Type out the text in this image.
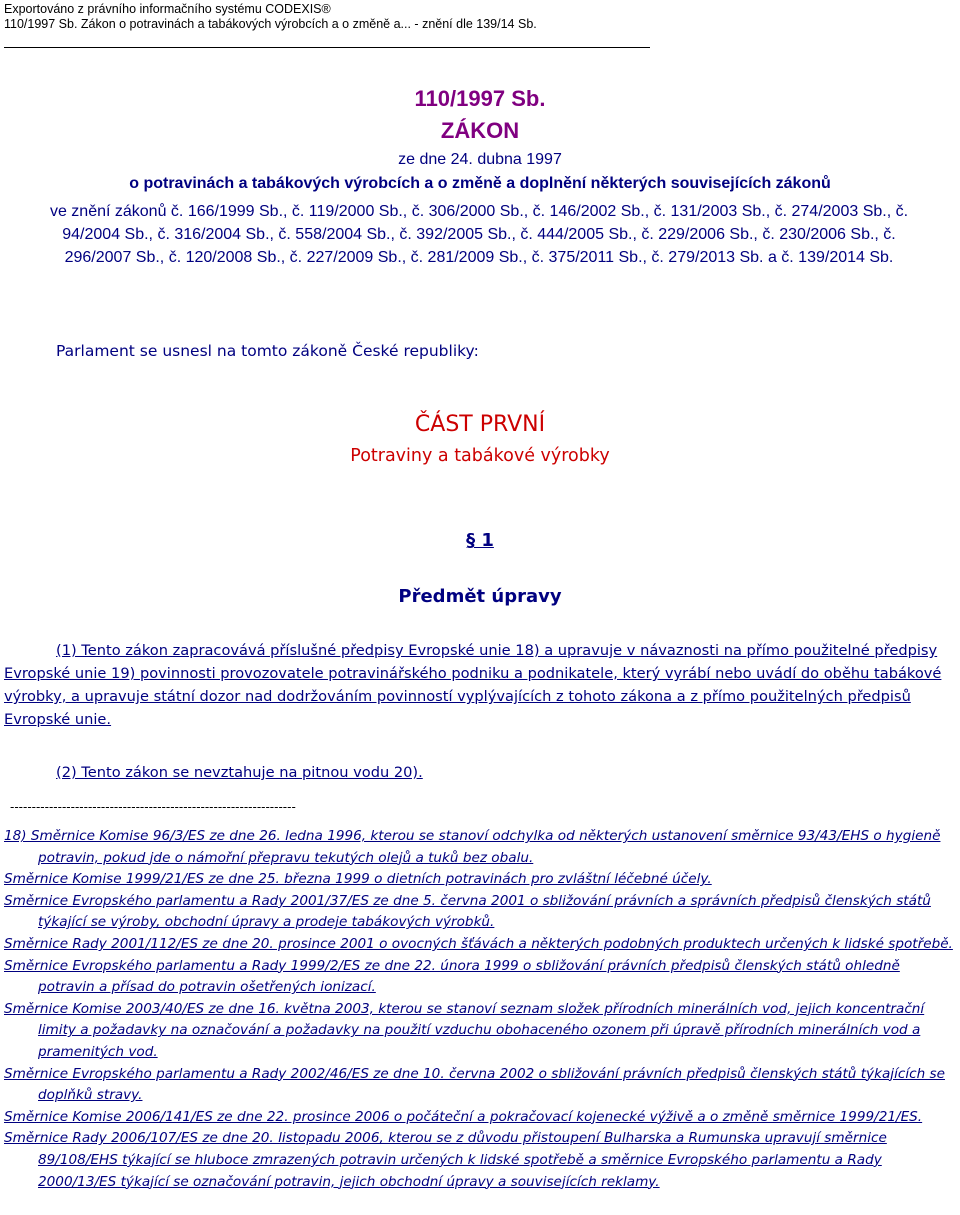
Exportováno z právního informačního systému CODEXIS®

110/1997 Sb. Zákon o potravinách a tabákových výrobcích a o změně a... - znění dle 139/14 Sb.

110/1997 Sb.
ZÁKON
ze dne 24. dubna 1997
o potravinách a tabákových výrobcích a o změně a doplnění některých souvisejících zákonů
ve znění zákonů č. 166/1999 Sb., č. 119/2000 Sb., č. 306/2000 Sb., č. 146/2002 Sb., č. 131/2003 Sb., č. 274/2003 Sb., č.
94/2004 Sb., č. 316/2004 Sb., č. 558/2004 Sb., č. 392/2005 Sb., č. 444/2005 Sb., č. 229/2006 Sb., č. 230/2006 Sb., č.
296/2007 Sb., č. 120/2008 Sb., č. 227/2009 Sb., č. 281/2009 Sb., č. 375/2011 Sb., č. 279/2013 Sb. a č. 139/2014 Sb.

Parlament se usnesl na tomto zákoně České republiky:

ČÁST PRVNÍ
Potraviny a tabákové výrobky
§ 1
Předmět úpravy

(1) Tento zákon zapracovává příslušné předpisy Evropské unie 18) a upravuje v návaznosti na přímo použitelné předpisy Evropské unie 19) povinnosti provozovatele potravinářského podniku a podnikatele, který vyrábí nebo uvádí do oběhu tabákové výrobky, a upravuje státní dozor nad dodržováním povinností vyplývajících z tohoto zákona a z přímo použitelných předpisů Evropské unie.

(2) Tento zákon se nevztahuje na pitnou vodu 20).

------------------------------------------------------------------

18) Směrnice Komise 96/3/ES ze dne 26. ledna 1996, kterou se stanoví odchylka od některých ustanovení směrnice 93/43/EHS o hygieně potravin, pokud jde o námořní přepravu tekutých olejů a tuků bez obalu.
Směrnice Komise 1999/21/ES ze dne 25. března 1999 o dietních potravinách pro zvláštní léčebné účely.
Směrnice Evropského parlamentu a Rady 2001/37/ES ze dne 5. června 2001 o sbližování právních a správních předpisů členských států týkající se výroby, obchodní úpravy a prodeje tabákových výrobků.
Směrnice Rady 2001/112/ES ze dne 20. prosince 2001 o ovocných šťávách a některých podobných produktech určených k lidské spotřebě.
Směrnice Evropského parlamentu a Rady 1999/2/ES ze dne 22. února 1999 o sbližování právních předpisů členských států ohledně potravin a přísad do potravin ošetřených ionizací.
Směrnice Komise 2003/40/ES ze dne 16. května 2003, kterou se stanoví seznam složek přírodních minerálních vod, jejich koncentrační limity a požadavky na označování a požadavky na použití vzduchu obohaceného ozonem při úpravě přírodních minerálních vod a pramenitých vod.
Směrnice Evropského parlamentu a Rady 2002/46/ES ze dne 10. června 2002 o sbližování právních předpisů členských států týkajících se doplňků stravy.
Směrnice Komise 2006/141/ES ze dne 22. prosince 2006 o počáteční a pokračovací kojenecké výživě a o změně směrnice 1999/21/ES.
Směrnice Rady 2006/107/ES ze dne 20. listopadu 2006, kterou se z důvodu přistoupení Bulharska a Rumunska upravují směrnice 89/108/EHS týkající se hluboce zmrazených potravin určených k lidské spotřebě a směrnice Evropského parlamentu a Rady 2000/13/ES týkající se označování potravin, jejich obchodní úpravy a souvisejících reklamy.
